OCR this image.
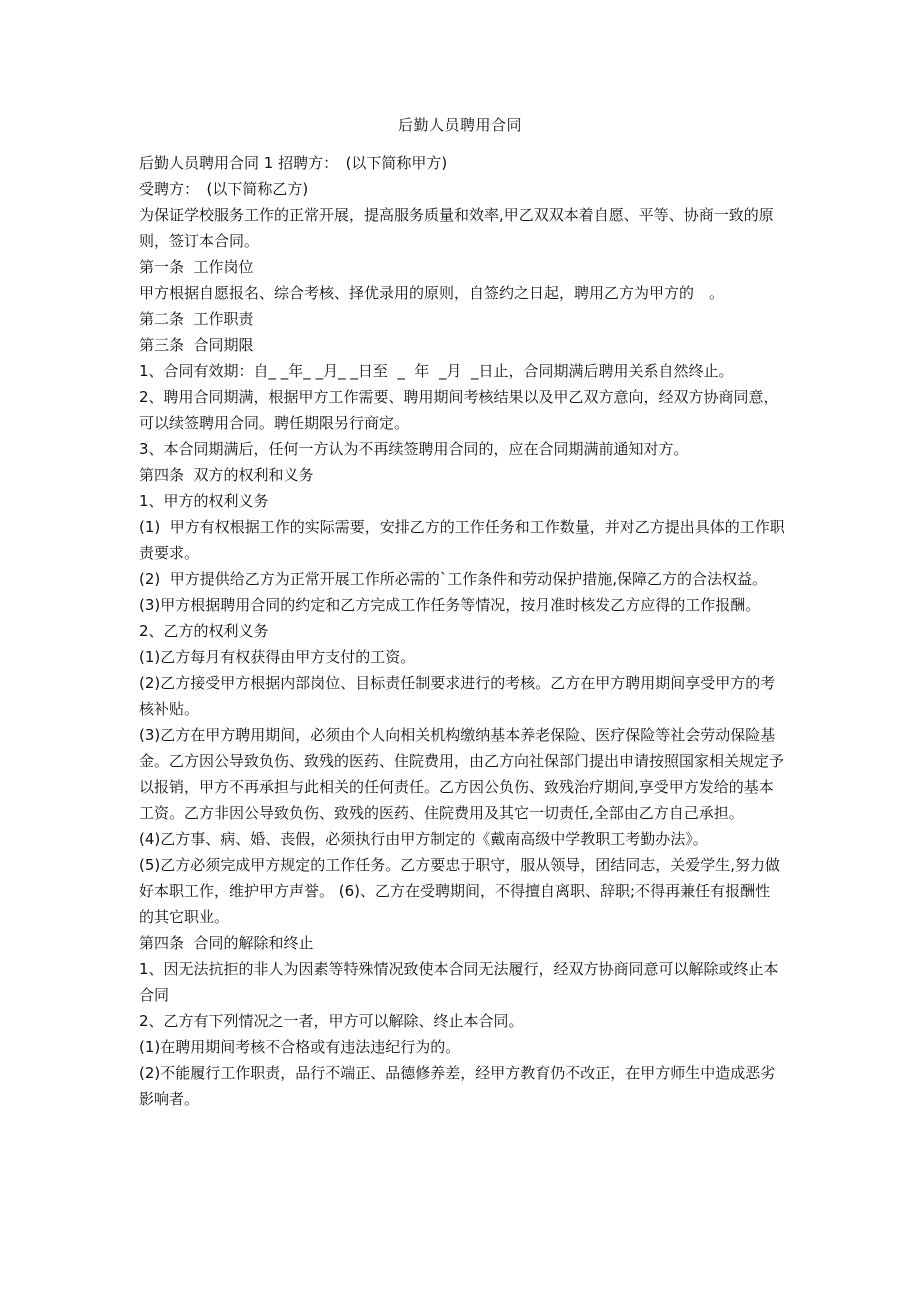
后勤人员聘用合同

后勤人员聘用合同 1 招聘方：　(以下简称甲方)

受聘方：　(以下简称乙方)

为保证学校服务工作的正常开展，提高服务质量和效率,甲乙双双本着自愿、平等、协商一致的原则，签订本合同。

第一条  工作岗位

甲方根据自愿报名、综合考核、择优录用的原则，自签约之日起，聘用乙方为甲方的　。

第二条  工作职责

第三条  合同期限

1、合同有效期：自_ _年_ _月_ _日至  _  年  _月  _日止，合同期满后聘用关系自然终止。

2、聘用合同期满，根据甲方工作需要、聘用期间考核结果以及甲乙双方意向，经双方协商同意，可以续签聘用合同。聘任期限另行商定。

3、本合同期满后，任何一方认为不再续签聘用合同的，应在合同期满前通知对方。

第四条  双方的权利和义务

1、甲方的权利义务

(1)  甲方有权根据工作的实际需要，安排乙方的工作任务和工作数量，并对乙方提出具体的工作职责要求。

(2)  甲方提供给乙方为正常开展工作所必需的`工作条件和劳动保护措施,保障乙方的合法权益。

(3)甲方根据聘用合同的约定和乙方完成工作任务等情况，按月准时核发乙方应得的工作报酬。

2、乙方的权利义务

(1)乙方每月有权获得由甲方支付的工资。

(2)乙方接受甲方根据内部岗位、目标责任制要求进行的考核。乙方在甲方聘用期间享受甲方的考核补贴。

(3)乙方在甲方聘用期间，必须由个人向相关机构缴纳基本养老保险、医疗保险等社会劳动保险基金。乙方因公导致负伤、致残的医药、住院费用，由乙方向社保部门提出申请按照国家相关规定予以报销，甲方不再承担与此相关的任何责任。乙方因公负伤、致残治疗期间,享受甲方发给的基本工资。乙方非因公导致负伤、致残的医药、住院费用及其它一切责任,全部由乙方自己承担。

(4)乙方事、病、婚、丧假，必须执行由甲方制定的《戴南高级中学教职工考勤办法》。

(5)乙方必须完成甲方规定的工作任务。乙方要忠于职守，服从领导，团结同志，关爱学生,努力做好本职工作，维护甲方声誉。 (6)、乙方在受聘期间，不得擅自离职、辞职;不得再兼任有报酬性的其它职业。

第四条  合同的解除和终止

1、因无法抗拒的非人为因素等特殊情况致使本合同无法履行，经双方协商同意可以解除或终止本合同

2、乙方有下列情况之一者，甲方可以解除、终止本合同。

(1)在聘用期间考核不合格或有违法违纪行为的。

(2)不能履行工作职责，品行不端正、品德修养差，经甲方教育仍不改正，在甲方师生中造成恶劣影响者。
